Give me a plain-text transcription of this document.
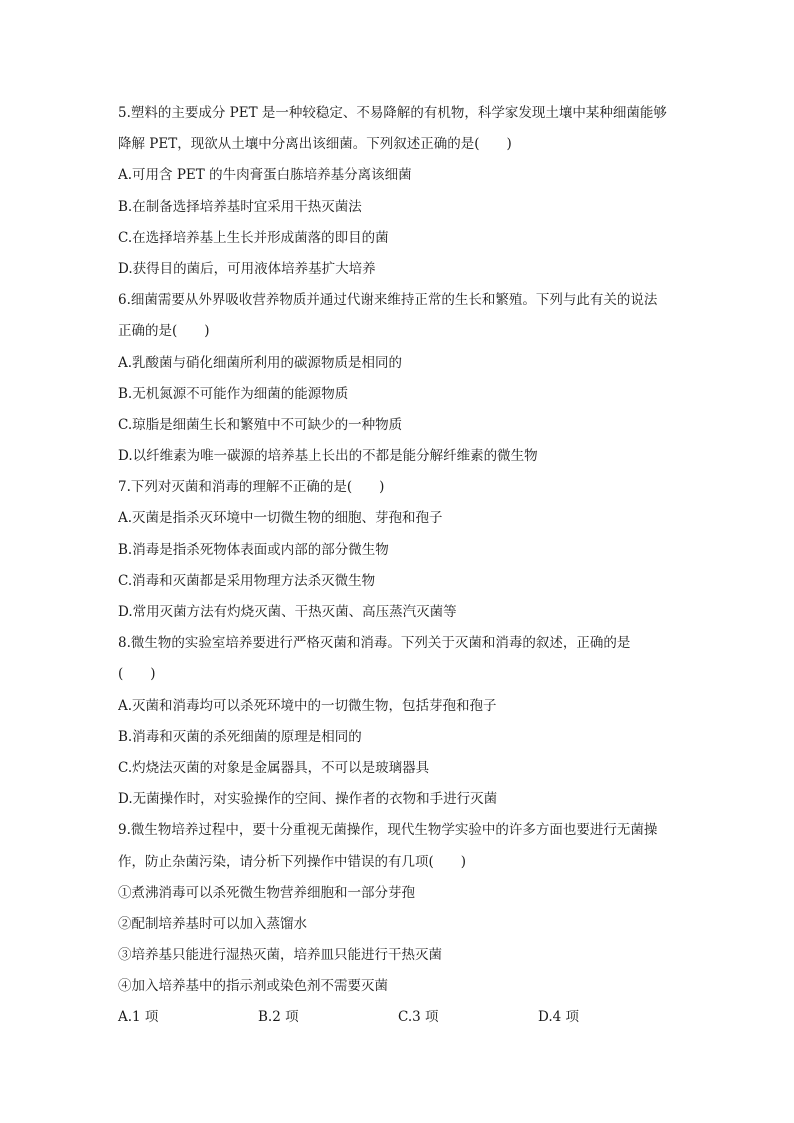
5.塑料的主要成分 PET 是一种较稳定、不易降解的有机物，科学家发现土壤中某种细菌能够
降解 PET，现欲从土壤中分离出该细菌。下列叙述正确的是(　　)
A.可用含 PET 的牛肉膏蛋白胨培养基分离该细菌
B.在制备选择培养基时宜采用干热灭菌法
C.在选择培养基上生长并形成菌落的即目的菌
D.获得目的菌后，可用液体培养基扩大培养
6.细菌需要从外界吸收营养物质并通过代谢来维持正常的生长和繁殖。下列与此有关的说法
正确的是(　　)
A.乳酸菌与硝化细菌所利用的碳源物质是相同的
B.无机氮源不可能作为细菌的能源物质
C.琼脂是细菌生长和繁殖中不可缺少的一种物质
D.以纤维素为唯一碳源的培养基上长出的不都是能分解纤维素的微生物
7.下列对灭菌和消毒的理解不正确的是(　　)
A.灭菌是指杀灭环境中一切微生物的细胞、芽孢和孢子
B.消毒是指杀死物体表面或内部的部分微生物
C.消毒和灭菌都是采用物理方法杀灭微生物
D.常用灭菌方法有灼烧灭菌、干热灭菌、高压蒸汽灭菌等
8.微生物的实验室培养要进行严格灭菌和消毒。下列关于灭菌和消毒的叙述，正确的是
(　　)
A.灭菌和消毒均可以杀死环境中的一切微生物，包括芽孢和孢子
B.消毒和灭菌的杀死细菌的原理是相同的
C.灼烧法灭菌的对象是金属器具，不可以是玻璃器具
D.无菌操作时，对实验操作的空间、操作者的衣物和手进行灭菌
9.微生物培养过程中，要十分重视无菌操作，现代生物学实验中的许多方面也要进行无菌操
作，防止杂菌污染，请分析下列操作中错误的有几项(　　)
①煮沸消毒可以杀死微生物营养细胞和一部分芽孢
②配制培养基时可以加入蒸馏水
③培养基只能进行湿热灭菌，培养皿只能进行干热灭菌
④加入培养基中的指示剂或染色剂不需要灭菌
A.1 项	B.2 项	C.3 项	D.4 项
